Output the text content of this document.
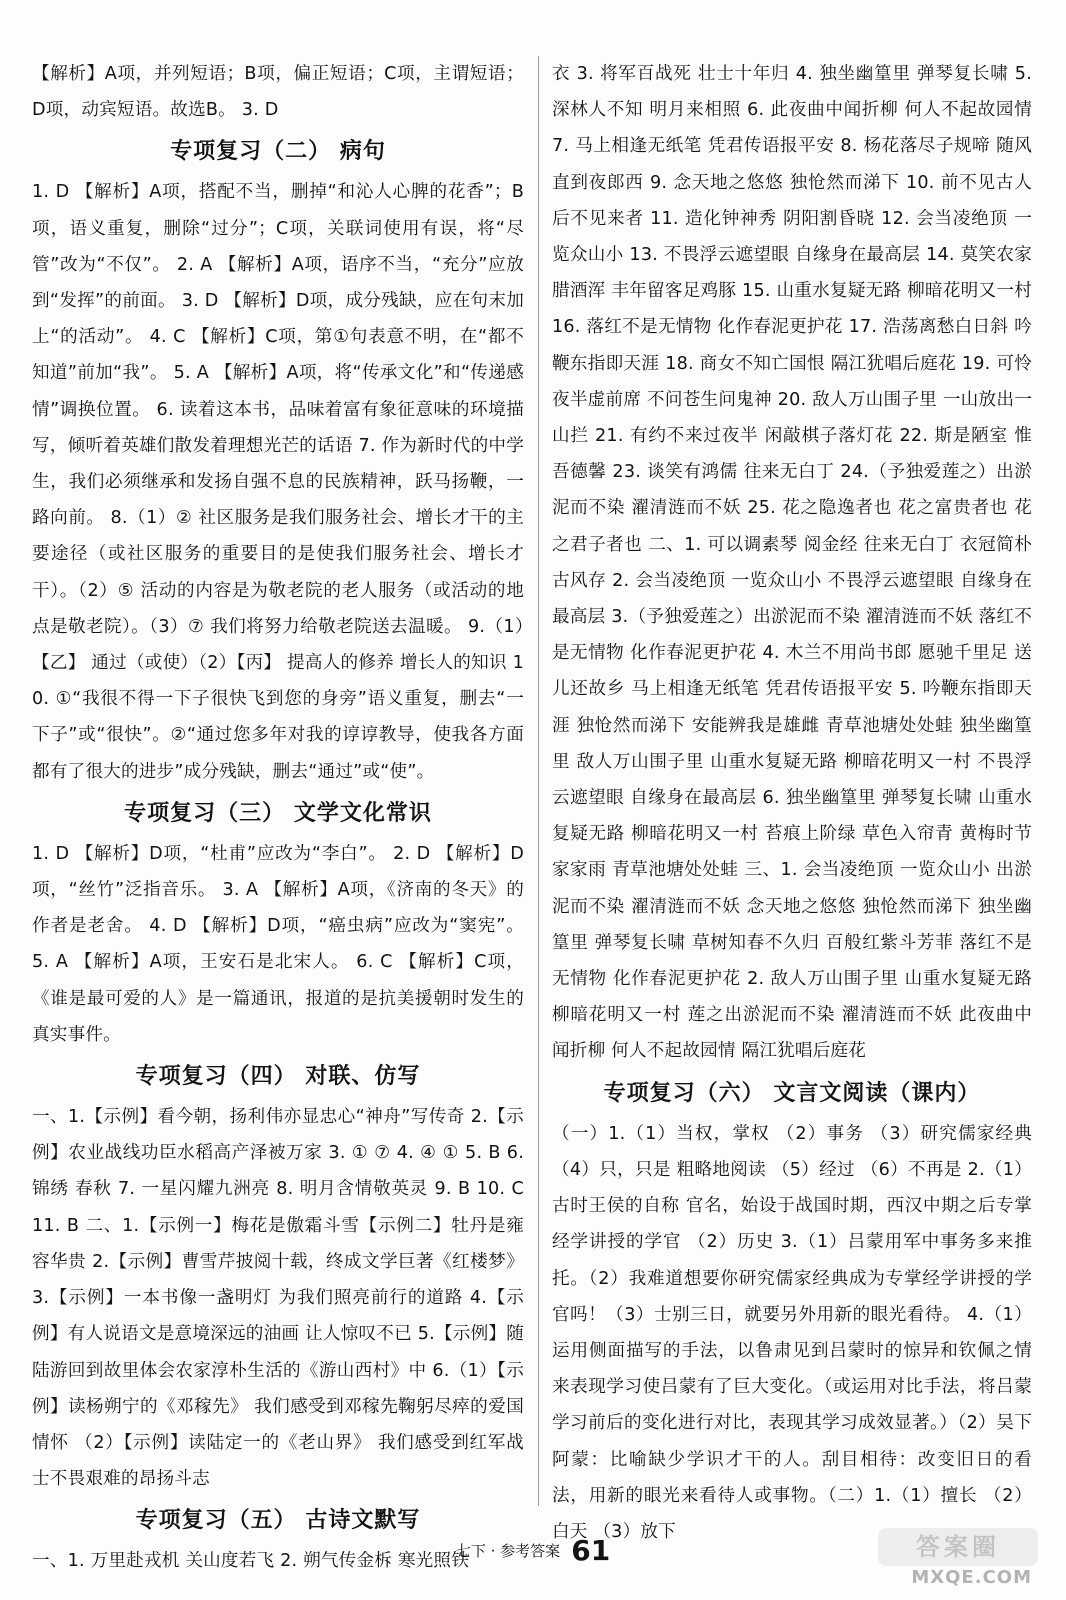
【解析】A项，并列短语；B项，偏正短语；C项，主谓短语；D项，动宾短语。故选B。 3. D

专项复习（二） 病句

1. D 【解析】A项，搭配不当，删掉“和沁人心脾的花香”；B项，语义重复，删除“过分”；C项，关联词使用有误，将“尽管”改为“不仅”。 2. A 【解析】A项，语序不当，“充分”应放到“发挥”的前面。 3. D 【解析】D项，成分残缺，应在句末加上“的活动”。 4. C 【解析】C项，第①句表意不明，在“都不知道”前加“我”。 5. A 【解析】A项，将“传承文化”和“传递感情”调换位置。 6. 读着这本书，品味着富有象征意味的环境描写，倾听着英雄们散发着理想光芒的话语 7. 作为新时代的中学生，我们必须继承和发扬自强不息的民族精神，跃马扬鞭，一路向前。 8.（1）② 社区服务是我们服务社会、增长才干的主要途径（或社区服务的重要目的是使我们服务社会、增长才干）。（2）⑤ 活动的内容是为敬老院的老人服务（或活动的地点是敬老院）。（3）⑦ 我们将努力给敬老院送去温暖。 9.（1）【乙】 通过（或使）（2）【丙】 提高人的修养 增长人的知识 10. ①“我很不得一下子很快飞到您的身旁”语义重复，删去“一下子”或“很快”。②“通过您多年对我的谆谆教导，使我各方面都有了很大的进步”成分残缺，删去“通过”或“使”。

专项复习（三） 文学文化常识

1. D 【解析】D项，“杜甫”应改为“李白”。 2. D 【解析】D项，“丝竹”泛指音乐。 3. A 【解析】A项，《济南的冬天》的作者是老舍。 4. D 【解析】D项，“癌虫病”应改为“窦宪”。 5. A 【解析】A项，王安石是北宋人。 6. C 【解析】C项，《谁是最可爱的人》是一篇通讯，报道的是抗美援朝时发生的真实事件。

专项复习（四） 对联、仿写

一、1.【示例】看今朝，扬利伟亦显忠心“神舟”写传奇 2.【示例】农业战线功臣水稻高产泽被万家 3. ① ⑦ 4. ④ ① 5. B 6. 锦绣 春秋 7. 一星闪耀九洲亮 8. 明月含情敬英灵 9. B 10. C 11. B 二、1.【示例一】梅花是傲霜斗雪【示例二】牡丹是雍容华贵 2.【示例】曹雪芹披阅十载，终成文学巨著《红楼梦》 3.【示例】一本书像一盏明灯 为我们照亮前行的道路 4.【示例】有人说语文是意境深远的油画 让人惊叹不已 5.【示例】随陆游回到故里体会农家淳朴生活的《游山西村》中 6.（1）【示例】读杨朔宁的《邓稼先》 我们感受到邓稼先鞠躬尽瘁的爱国情怀 （2）【示例】读陆定一的《老山界》 我们感受到红军战士不畏艰难的昂扬斗志

专项复习（五） 古诗文默写

一、1. 万里赴戎机 关山度若飞 2. 朔气传金柝 寒光照铁

衣 3. 将军百战死 壮士十年归 4. 独坐幽篁里 弹琴复长啸 5. 深林人不知 明月来相照 6. 此夜曲中闻折柳 何人不起故园情 7. 马上相逢无纸笔 凭君传语报平安 8. 杨花落尽子规啼 随风直到夜郎西 9. 念天地之悠悠 独怆然而涕下 10. 前不见古人 后不见来者 11. 造化钟神秀 阴阳割昏晓 12. 会当凌绝顶 一览众山小 13. 不畏浮云遮望眼 自缘身在最高层 14. 莫笑农家腊酒浑 丰年留客足鸡豚 15. 山重水复疑无路 柳暗花明又一村 16. 落红不是无情物 化作春泥更护花 17. 浩荡离愁白日斜 吟鞭东指即天涯 18. 商女不知亡国恨 隔江犹唱后庭花 19. 可怜夜半虚前席 不问苍生问鬼神 20. 敌人万山围子里 一山放出一山拦 21. 有约不来过夜半 闲敲棋子落灯花 22. 斯是陋室 惟吾德馨 23. 谈笑有鸿儒 往来无白丁 24.（予独爱莲之）出淤泥而不染 濯清涟而不妖 25. 花之隐逸者也 花之富贵者也 花之君子者也 二、1. 可以调素琴 阅金经 往来无白丁 衣冠简朴古风存 2. 会当凌绝顶 一览众山小 不畏浮云遮望眼 自缘身在最高层 3.（予独爱莲之）出淤泥而不染 濯清涟而不妖 落红不是无情物 化作春泥更护花 4. 木兰不用尚书郎 愿驰千里足 送儿还故乡 马上相逢无纸笔 凭君传语报平安 5. 吟鞭东指即天涯 独怆然而涕下 安能辨我是雄雌 青草池塘处处蛙 独坐幽篁里 敌人万山围子里 山重水复疑无路 柳暗花明又一村 不畏浮云遮望眼 自缘身在最高层 6. 独坐幽篁里 弹琴复长啸 山重水复疑无路 柳暗花明又一村 苔痕上阶绿 草色入帘青 黄梅时节家家雨 青草池塘处处蛙 三、1. 会当凌绝顶 一览众山小 出淤泥而不染 濯清涟而不妖 念天地之悠悠 独怆然而涕下 独坐幽篁里 弹琴复长啸 草树知春不久归 百般红紫斗芳菲 落红不是无情物 化作春泥更护花 2. 敌人万山围子里 山重水复疑无路 柳暗花明又一村 莲之出淤泥而不染 濯清涟而不妖 此夜曲中闻折柳 何人不起故园情 隔江犹唱后庭花

专项复习（六） 文言文阅读（课内）

（一）1.（1）当权，掌权 （2）事务 （3）研究儒家经典 （4）只，只是 粗略地阅读 （5）经过 （6）不再是 2.（1）古时王侯的自称 官名，始设于战国时期，西汉中期之后专掌经学讲授的学官 （2）历史 3.（1）吕蒙用军中事务多来推托。（2）我难道想要你研究儒家经典成为专掌经学讲授的学官吗！（3）士别三日，就要另外用新的眼光看待。 4.（1）运用侧面描写的手法，以鲁肃见到吕蒙时的惊异和钦佩之情来表现学习使吕蒙有了巨大变化。（或运用对比手法，将吕蒙学习前后的变化进行对比，表现其学习成效显著。）（2）吴下阿蒙：比喻缺少学识才干的人。刮目相待：改变旧日的看法，用新的眼光来看待人或事物。（二）1.（1）擅长 （2）白天 （3）放下

七下 · 参考答案 61	答案圈
MXQE.COM
